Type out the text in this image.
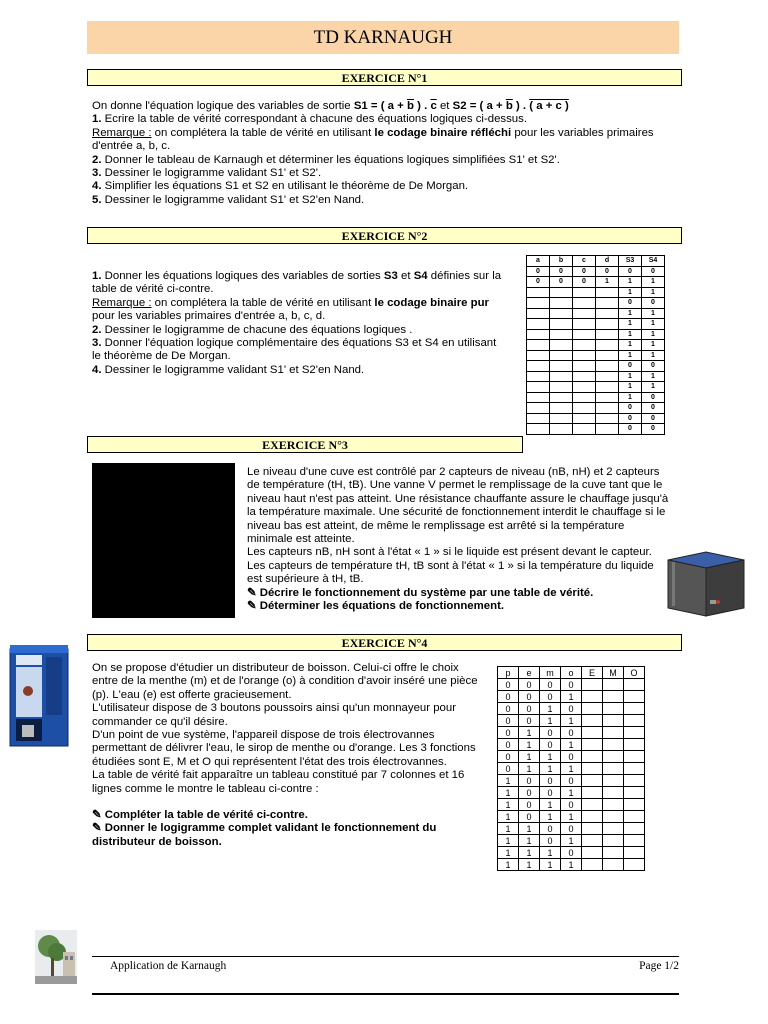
TD KARNAUGH
EXERCICE N°1

On donne l'équation logique des variables de sortie S1 = ( $a + \overline{b}$ ) . $\overline{c}$ et S2 = ( $a + \overline{b}$ ) . ( a + c )

1. Ecrire la table de vérité correspondant à chacune des équations logiques ci-dessus.

Remarque : on complétera la table de vérité en utilisant le codage binaire réfléchi pour les variables primaires d'entrée a, b, c.

2. Donner le tableau de Karnaugh et déterminer les équations logiques simplifiées S1' et S2'.

3. Dessiner le logigramme validant S1' et S2'.

4. Simplifier les équations S1 et S2 en utilisant le théorème de De Morgan.

5. Dessiner le logigramme validant S1' et S2'en Nand.

EXERCICE N°2

1. Donner les équations logiques des variables de sorties S3 et S4 définies sur la table de vérité ci-contre.

Remarque : on complétera la table de vérité en utilisant le codage binaire pur pour les variables primaires d'entrée a, b, c, d.

2. Dessiner le logigramme de chacune des équations logiques .

3. Donner l'équation logique complémentaire des équations S3 et S4 en utilisant le théorème de De Morgan.

4. Dessiner le logigramme validant S1' et S2'en Nand.

a	b	c	d	S3	S4
0	0	0	0	0	0
0	0	0	1	1	1
				1	1
				0	0
				1	1
				1	1
				1	1
				1	1
				1	1
				0	0
				1	1
				1	1
				1	0
				0	0
				0	0
				0	0
EXERCICE N°3

Le niveau d'une cuve est contrôlé par 2 capteurs de niveau (nB, nH) et 2 capteurs de température (tH, tB). Une vanne V permet le remplissage de la cuve tant que le niveau haut n'est pas atteint. Une résistance chauffante assure le chauffage jusqu'à la température maximale. Une sécurité de fonctionnement interdit le chauffage si le niveau bas est atteint, de même le remplissage est arrêté si la température minimale est atteinte.

Les capteurs nB, nH sont à l'état « 1 » si le liquide est présent devant le capteur. Les capteurs de température tH, tB sont à l'état « 1 » si la température du liquide est supérieure à tH, tB.

✎ Décrire le fonctionnement du système par une table de vérité.

✎ Déterminer les équations de fonctionnement.

EXERCICE N°4

On se propose d'étudier un distributeur de boisson. Celui-ci offre le choix entre de la menthe (m) et de l'orange (o) à condition d'avoir inséré une pièce (p). L'eau (e) est offerte gracieusement.

L'utilisateur dispose de 3 boutons poussoirs ainsi qu'un monnayeur pour commander ce qu'il désire.

D'un point de vue système, l'appareil dispose de trois électrovannes permettant de délivrer l'eau, le sirop de menthe ou d'orange. Les 3 fonctions étudiées sont E, M et O qui représentent l'état des trois électrovannes.

La table de vérité fait apparaître un tableau constitué par 7 colonnes et 16 lignes comme le montre le tableau ci-contre :

✎ Compléter la table de vérité ci-contre.

✎ Donner le logigramme complet validant le fonctionnement du distributeur de boisson.

p	e	m	o	E	M	O
0	0	0	0			
0	0	0	1			
0	0	1	0			
0	0	1	1			
0	1	0	0			
0	1	0	1			
0	1	1	0			
0	1	1	1			
1	0	0	0			
1	0	0	1			
1	0	1	0			
1	0	1	1			
1	1	0	0			
1	1	0	1			
1	1	1	0			
1	1	1	1			
Application de Karnaugh	Page 1/2
